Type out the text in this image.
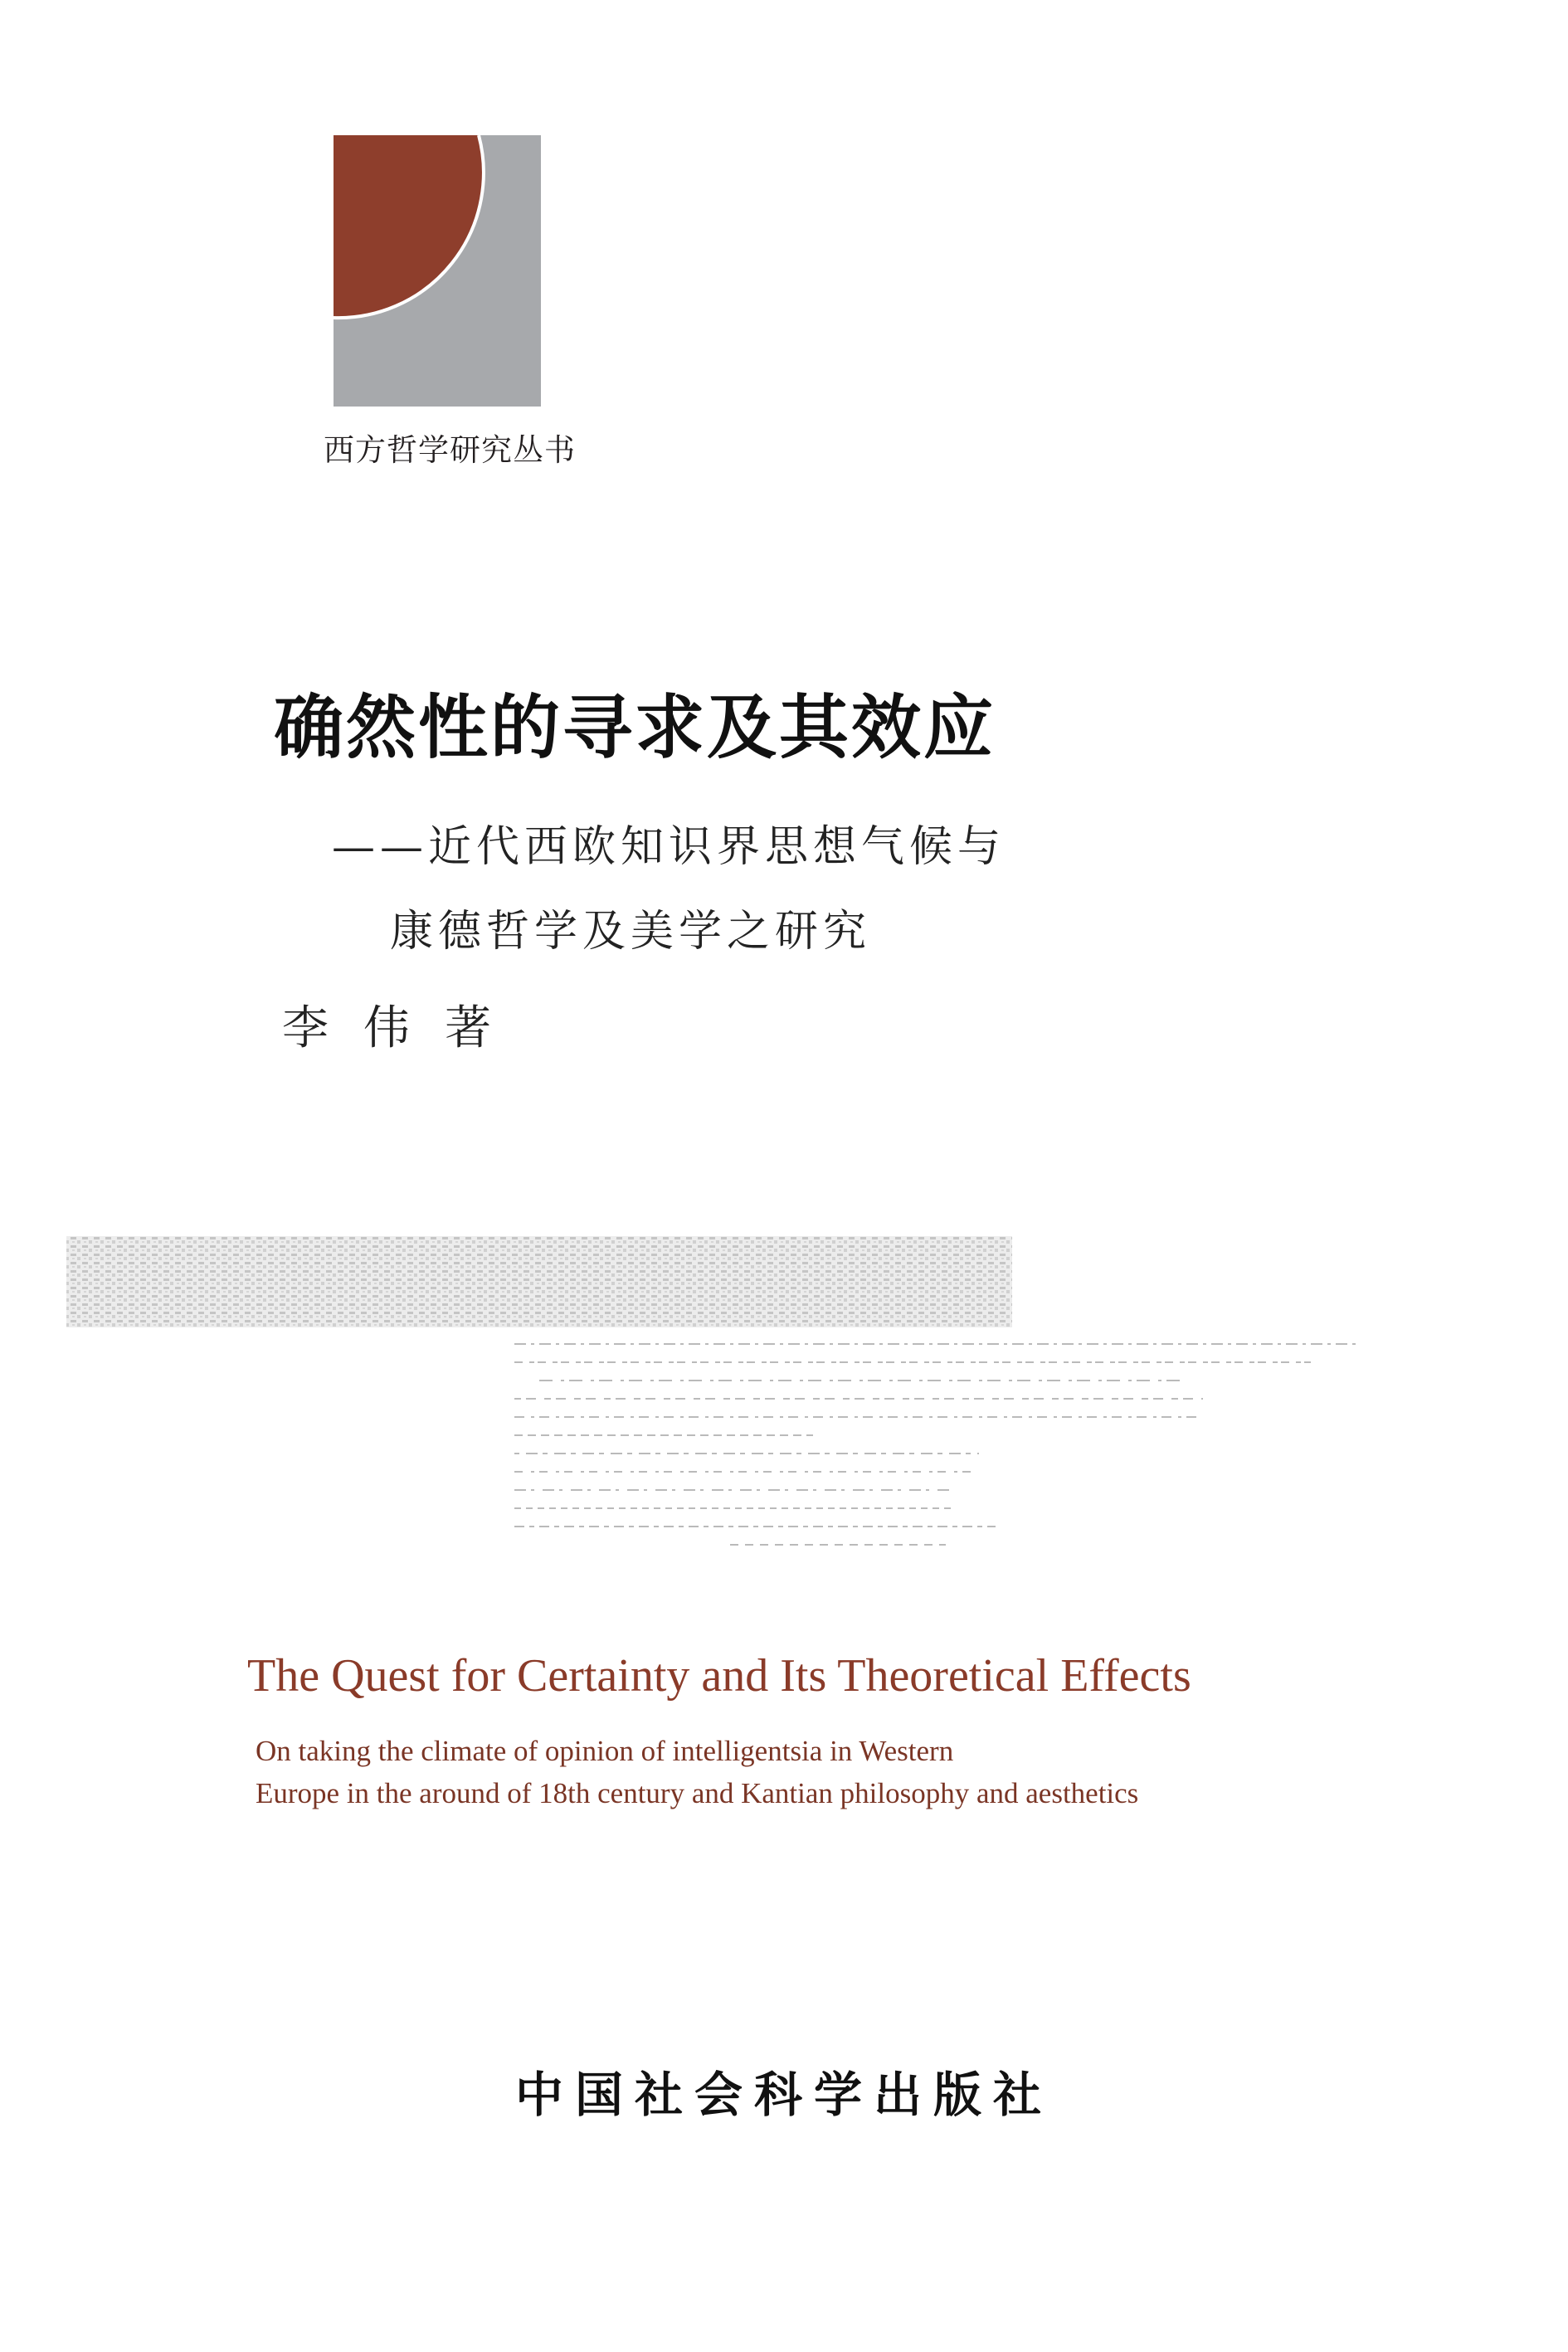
西方哲学研究丛书
确然性的寻求及其效应
——近代西欧知识界思想气候与
康德哲学及美学之研究
李伟著
The Quest for Certainty and Its Theoretical Effects
On taking the climate of opinion of intelligentsia in Western
Europe in the around of 18th century and Kantian philosophy and aesthetics
中国社会科学出版社
